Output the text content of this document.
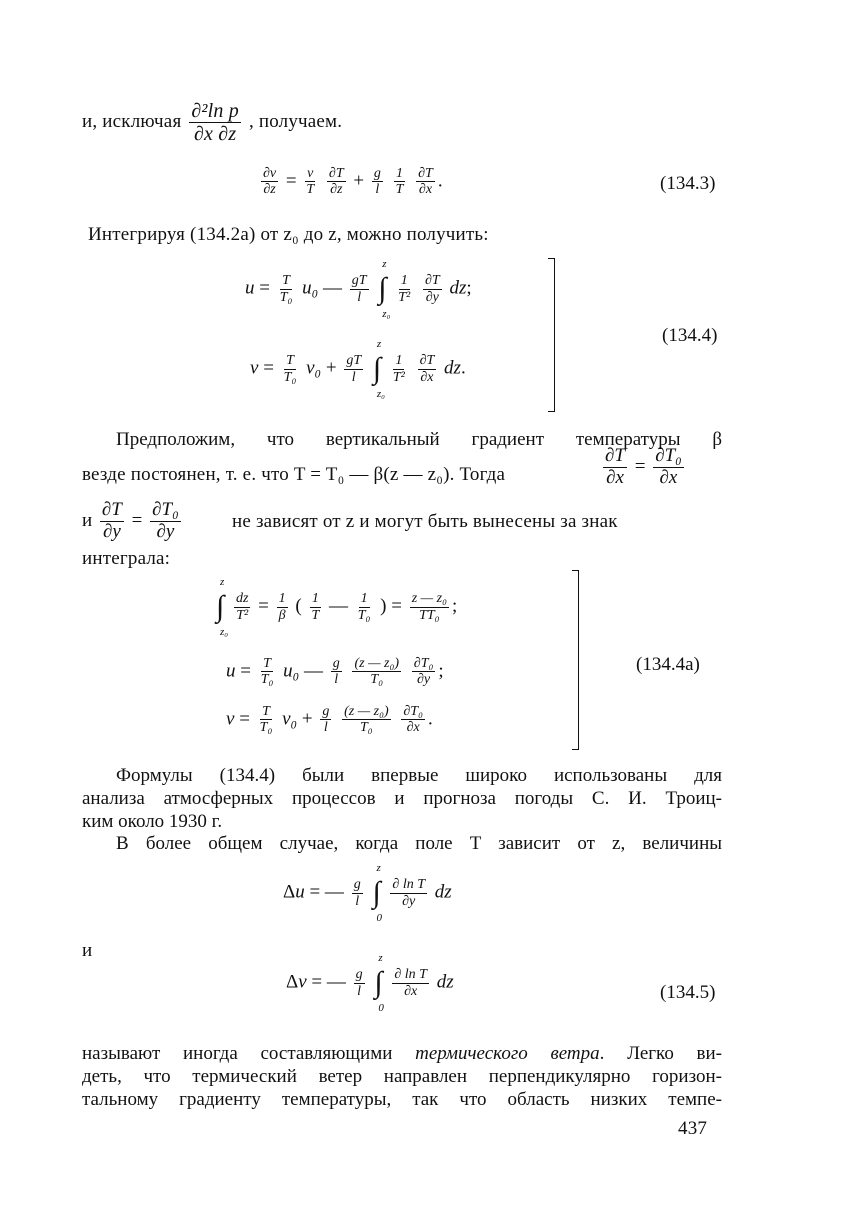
и, исключая $\frac{\text{∂²ln p}}{\partial x \partial z}$ , получаем.
$\frac{\partial v}{\partial z} = \frac{v}{T}$
$\frac{\partial T}{\partial z} + \frac{g}{l}$
$\frac{1}{T}$
$\frac{\partial T}{\partial x}$ .	(134.3)
Интегрируя (134.2а) от z₀ до z, можно получить:
$u = \frac{T}{\text{T₀}} u_0$ — $\frac{gT}{l}$ ∫
z
z₀

$\frac{1}{\text{T²}}$
$\frac{\partial T}{\partial y}$ dz;
$v = \frac{T}{\text{T₀}} v_0 + \frac{gT}{l}$ ∫
z
z₀

$\frac{1}{\text{T²}}$
$\frac{\partial T}{\partial x}$ dz.
(134.4)
Предположим, что вертикальный градиент температуры β
везде постоянен, т. е. что T = T₀ — β(z — z₀). Тогда	$\frac{\partial T}{\partial x} = \frac{\text{∂T₀}}{\partial x}$
и $\frac{\partial T}{\partial y} = \frac{\text{∂T₀}}{\partial y}$	не зависят от z и могут быть вынесены за знак
интеграла:
∫
z
z₀

$\frac{dz}{\text{T²}} = \frac{1}{\beta}$ ( $\frac{1}{T}$ — $\frac{1}{\text{T₀}}$ ) = $\frac{\text{z — z₀}}{\text{TT₀}}$ ;
$u = \frac{T}{\text{T₀}} u_0$ — $\frac{g}{l}$
$\frac{\text{(z — z₀)}}{\text{T₀}}$
$\frac{\text{∂T₀}}{\partial y}$ ;
$v = \frac{T}{\text{T₀}} v_0 + \frac{g}{l}$
$\frac{\text{(z — z₀)}}{\text{T₀}}$
$\frac{\text{∂T₀}}{\partial x}$ .
(134.4а)
Формулы (134.4) были впервые широко использованы для
анализа атмосферных процессов и прогноза погоды С. И. Троиц-
ким около 1930 г.
В более общем случае, когда поле T зависит от z, величины
Δu = — $\frac{g}{l}$ ∫
z
0

$\frac{\text{∂ ln T}}{\partial y}$ dz
и
Δv = — $\frac{g}{l}$ ∫
z
0

$\frac{\text{∂ ln T}}{\partial x}$ dz
(134.5)
называют иногда составляющими термического ветра. Легко ви-
деть, что термический ветер направлен перпендикулярно горизон-
тальному градиенту температуры, так что область низких темпе-
437
